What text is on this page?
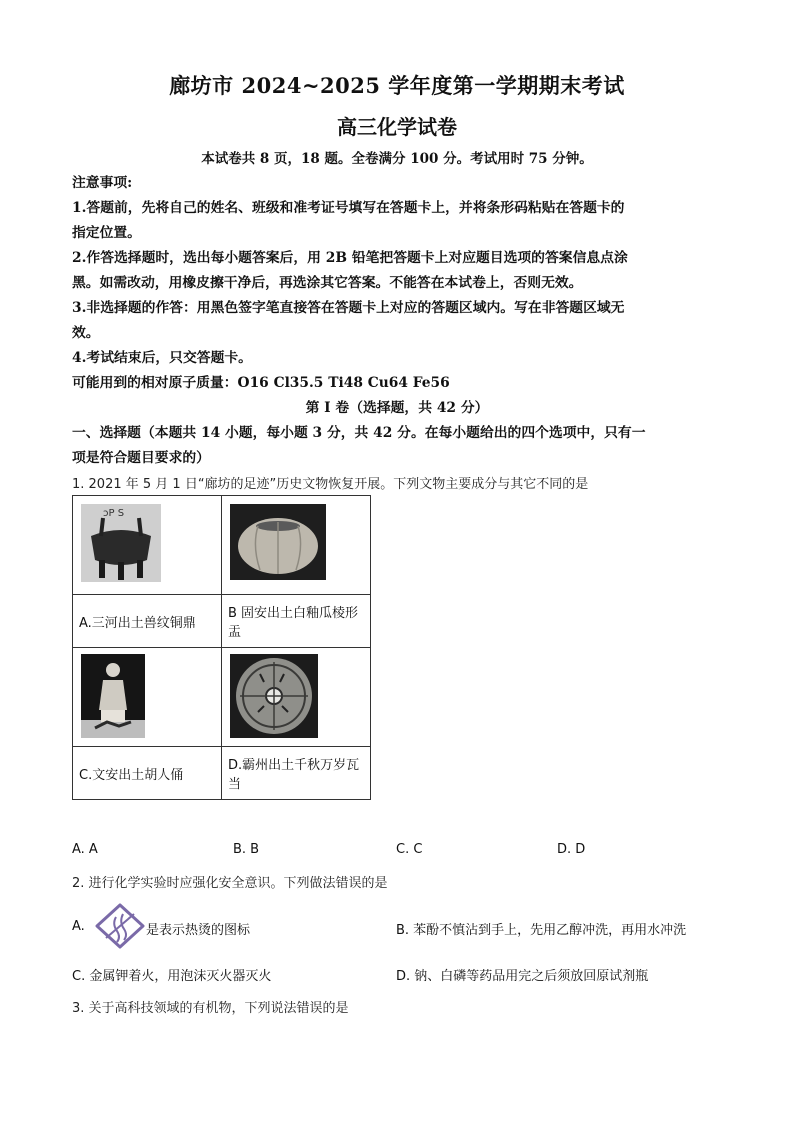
廊坊市 2024~2025 学年度第一学期期末考试
高三化学试卷
本试卷共 8 页，18 题。全卷满分 100 分。考试用时 75 分钟。
注意事项:
1.答题前，先将自己的姓名、班级和准考证号填写在答题卡上，并将条形码粘贴在答题卡的
指定位置。
2.作答选择题时，选出每小题答案后，用 2B 铅笔把答题卡上对应题目选项的答案信息点涂
黑。如需改动，用橡皮擦干净后，再选涂其它答案。不能答在本试卷上，否则无效。
3.非选择题的作答：用黑色签字笔直接答在答题卡上对应的答题区域内。写在非答题区域无
效。
4.考试结束后，只交答题卡。
可能用到的相对原子质量：O16 Cl35.5 Ti48 Cu64 Fe56
第 I 卷（选择题，共 42 分）
一、选择题（本题共 14 小题，每小题 3 分，共 42 分。在每小题给出的四个选项中，只有一
项是符合题目要求的）
1. 2021 年 5 月 1 日“廊坊的足迹”历史文物恢复开展。下列文物主要成分与其它不同的是
ɔP S

A.三河出土兽纹铜鼎	B 固安出土白釉瓜棱形盂

C.文安出土胡人俑	D.霸州出土千秋万岁瓦当
A. A	B. B	C. C	D. D
2. 进行化学实验时应强化安全意识。下列做法错误的是
A.	是表示热烫的图标	B. 苯酚不慎沾到手上，先用乙醇冲洗，再用水冲洗
C. 金属钾着火，用泡沫灭火器灭火	D. 钠、白磷等药品用完之后须放回原试剂瓶
3. 关于高科技领域的有机物，下列说法错误的是
